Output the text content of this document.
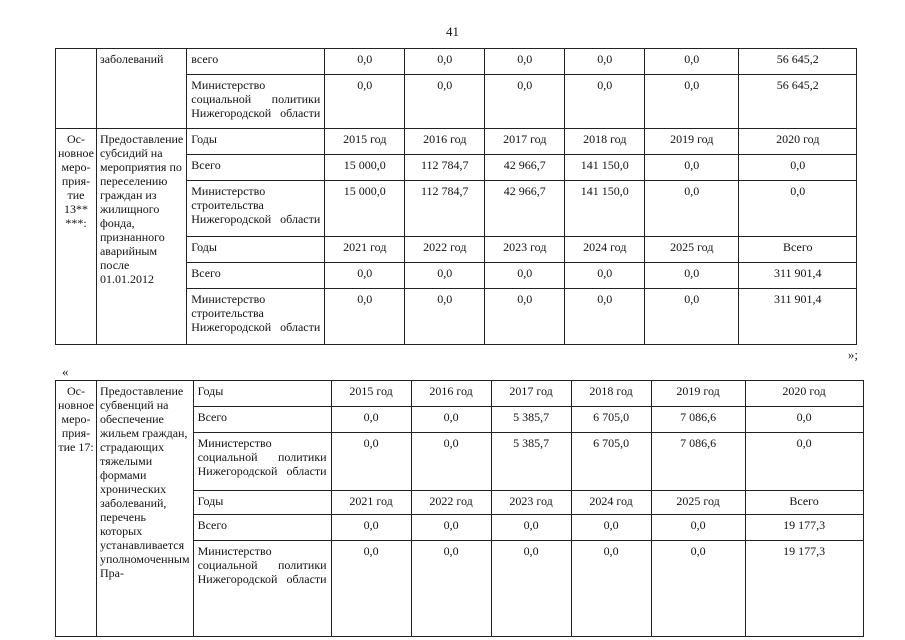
41
	заболеваний	всего	0,0	0,0	0,0	0,0	0,0	56 645,2
		Министерство социальной политики Нижегородской области	0,0	0,0	0,0	0,0	0,0	56 645,2
Ос-новное меро-прия-тие 13** ***:	Предоставление субсидий на мероприятия по переселению граждан из жилищного фонда, признанного аварийным после 01.01.2012	Годы	2015 год	2016 год	2017 год	2018 год	2019 год	2020 год
		Всего	15 000,0	112 784,7	42 966,7	141 150,0	0,0	0,0
		Министерство строительства Нижегородской области	15 000,0	112 784,7	42 966,7	141 150,0	0,0	0,0
		Годы	2021 год	2022 год	2023 год	2024 год	2025 год	Всего
		Всего	0,0	0,0	0,0	0,0	0,0	311 901,4
		Министерство строительства Нижегородской области	0,0	0,0	0,0	0,0	0,0	311 901,4
»;
«
Ос-новное меро-прия-тие 17:	Предоставление субвенций на обеспечение жильем граждан, страдающих тяжелыми формами хронических заболеваний, перечень которых устанавливается уполномоченным Пра-	Годы	2015 год	2016 год	2017 год	2018 год	2019 год	2020 год
		Всего	0,0	0,0	5 385,7	6 705,0	7 086,6	0,0
		Министерство социальной политики Нижегородской области	0,0	0,0	5 385,7	6 705,0	7 086,6	0,0
		Годы	2021 год	2022 год	2023 год	2024 год	2025 год	Всего
		Всего	0,0	0,0	0,0	0,0	0,0	19 177,3
		Министерство социальной политики Нижегородской области	0,0	0,0	0,0	0,0	0,0	19 177,3
